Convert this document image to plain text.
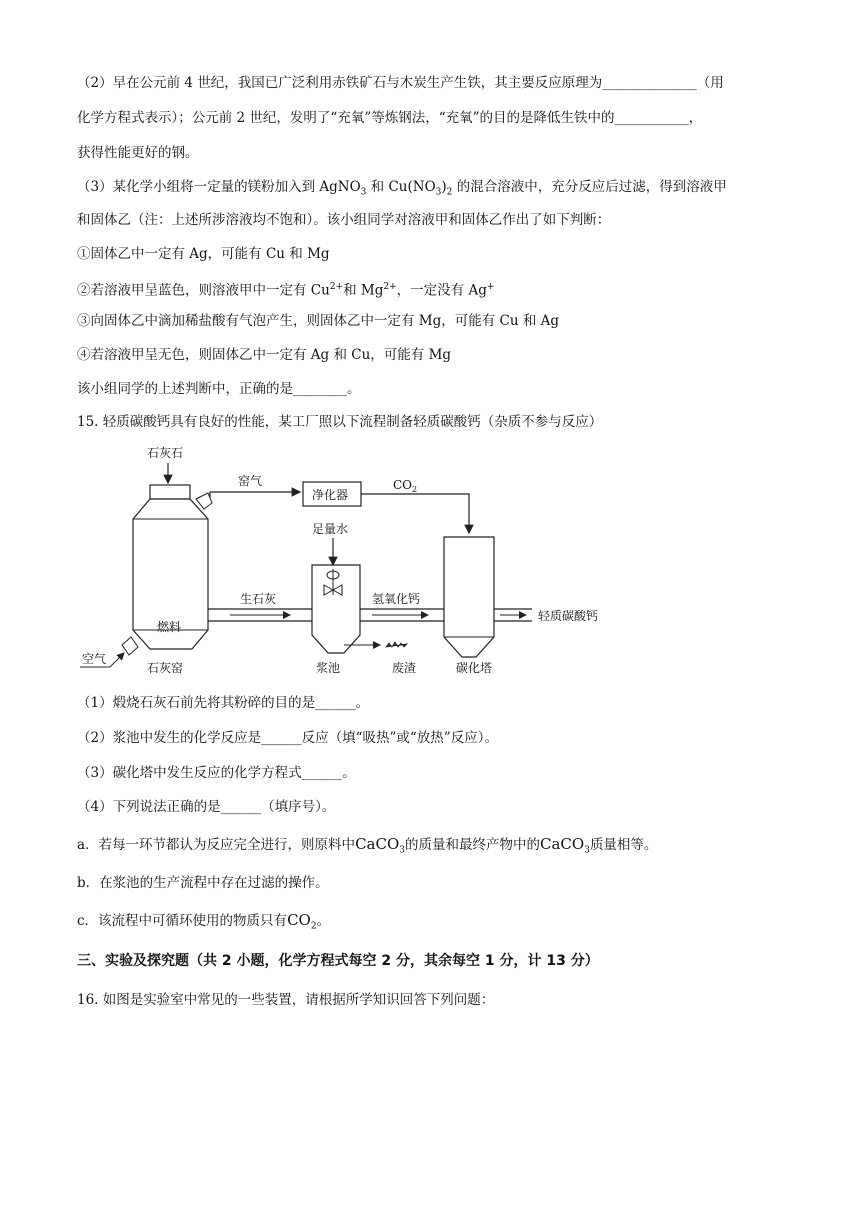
（2）早在公元前 4 世纪，我国已广泛利用赤铁矿石与木炭生产生铁，其主要反应原理为______________（用
化学方程式表示）；公元前 2 世纪，发明了“充氧”等炼钢法，“充氧”的目的是降低生铁中的___________，
获得性能更好的钢。
（3）某化学小组将一定量的镁粉加入到 AgNO$_3$ 和 $Cu(NO_3)_2$ 的混合溶液中，充分反应后过滤，得到溶液甲
和固体乙（注：上述所涉溶液均不饱和）。该小组同学对溶液甲和固体乙作出了如下判断：
①固体乙中一定有 Ag，可能有 Cu 和 Mg
②若溶液甲呈蓝色，则溶液甲中一定有 $Cu^{2+}$和 $Mg^{2+}$，一定没有 Ag+
③向固体乙中滴加稀盐酸有气泡产生，则固体乙中一定有 Mg，可能有 Cu 和 Ag
④若溶液甲呈无色，则固体乙中一定有 Ag 和 Cu，可能有 Mg
该小组同学的上述判断中，正确的是________。
15. 轻质碳酸钙具有良好的性能，某工厂照以下流程制备轻质碳酸钙（杂质不参与反应）
石灰石
燃料
石灰窑
空气
窑气
净化器
$CO_2$
足量水
浆池
生石灰
废渣
氢氧化钙
碳化塔
轻质碳酸钙
（1）煅烧石灰石前先将其粉碎的目的是______。
（2）浆池中发生的化学反应是______反应（填“吸热”或“放热”反应）。
（3）碳化塔中发生反应的化学方程式______。
（4）下列说法正确的是______（填序号）。
a．若每一环节都认为反应完全进行，则原料中CaCO$_3$的质量和最终产物中的CaCO$_3$质量相等。
b．在浆池的生产流程中存在过滤的操作。
c．该流程中可循环使用的物质只有$CO_2$。
三、实验及探究题（共 2 小题，化学方程式每空 2 分，其余每空 1 分，计 13 分）
16. 如图是实验室中常见的一些装置，请根据所学知识回答下列问题：
